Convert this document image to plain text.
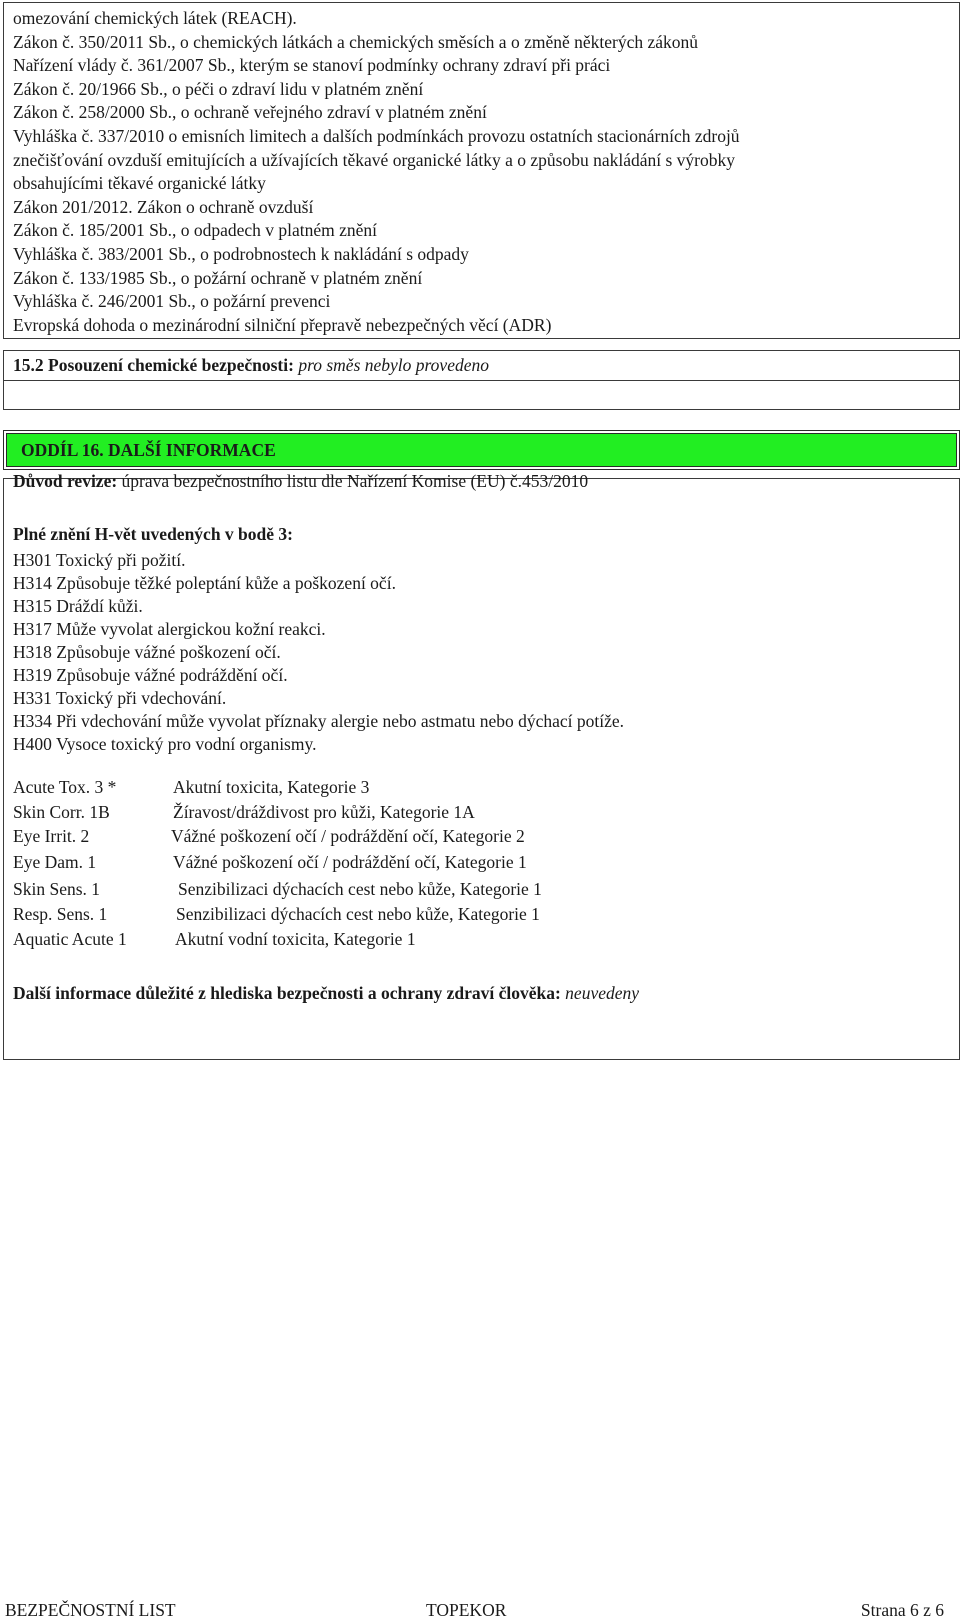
omezování chemických látek (REACH).
Zákon č. 350/2011 Sb., o chemických látkách a chemických směsích a o změně některých zákonů
Nařízení vlády č. 361/2007 Sb., kterým se stanoví podmínky ochrany zdraví při práci
Zákon č. 20/1966 Sb., o péči o zdraví lidu v platném znění
Zákon č. 258/2000 Sb., o ochraně veřejného zdraví v platném znění
Vyhláška č. 337/2010 o emisních limitech a dalších podmínkách provozu ostatních stacionárních zdrojů
znečišťování ovzduší emitujících a užívajících těkavé organické látky a o způsobu nakládání s výrobky
obsahujícími těkavé organické látky
Zákon 201/2012. Zákon o ochraně ovzduší
Zákon č. 185/2001 Sb., o odpadech v platném znění
Vyhláška č. 383/2001 Sb., o podrobnostech k nakládání s odpady
Zákon č. 133/1985 Sb., o požární ochraně v platném znění
Vyhláška č. 246/2001 Sb., o požární prevenci
Evropská dohoda o mezinárodní silniční přepravě nebezpečných věcí (ADR)
15.2 Posouzení chemické bezpečnosti: pro směs nebylo provedeno
ODDÍL 16. DALŠÍ INFORMACE
Důvod revize: úprava bezpečnostního listu dle Nařízení Komise (EU) č.453/2010
Plné znění H-vět uvedených v bodě 3:
H301 Toxický při požití.
H314 Způsobuje těžké poleptání kůže a poškození očí.
H315 Dráždí kůži.
H317 Může vyvolat alergickou kožní reakci.
H318 Způsobuje vážné poškození očí.
H319 Způsobuje vážné podráždění očí.
H331 Toxický při vdechování.
H334 Při vdechování může vyvolat příznaky alergie nebo astmatu nebo dýchací potíže.
H400 Vysoce toxický pro vodní organismy.
Acute Tox. 3 *	Akutní toxicita, Kategorie 3
Skin Corr. 1B	Žíravost/dráždivost pro kůži, Kategorie 1A
Eye Irrit. 2	Vážné poškození očí / podráždění očí, Kategorie 2
Eye Dam. 1	Vážné poškození očí / podráždění očí, Kategorie 1
Skin Sens. 1	Senzibilizaci dýchacích cest nebo kůže, Kategorie 1
Resp. Sens. 1	Senzibilizaci dýchacích cest nebo kůže, Kategorie 1
Aquatic Acute 1	Akutní vodní toxicita, Kategorie 1
Další informace důležité z hlediska bezpečnosti a ochrany zdraví člověka: neuvedeny
BEZPEČNOSTNÍ LIST	TOPEKOR	Strana 6 z 6
